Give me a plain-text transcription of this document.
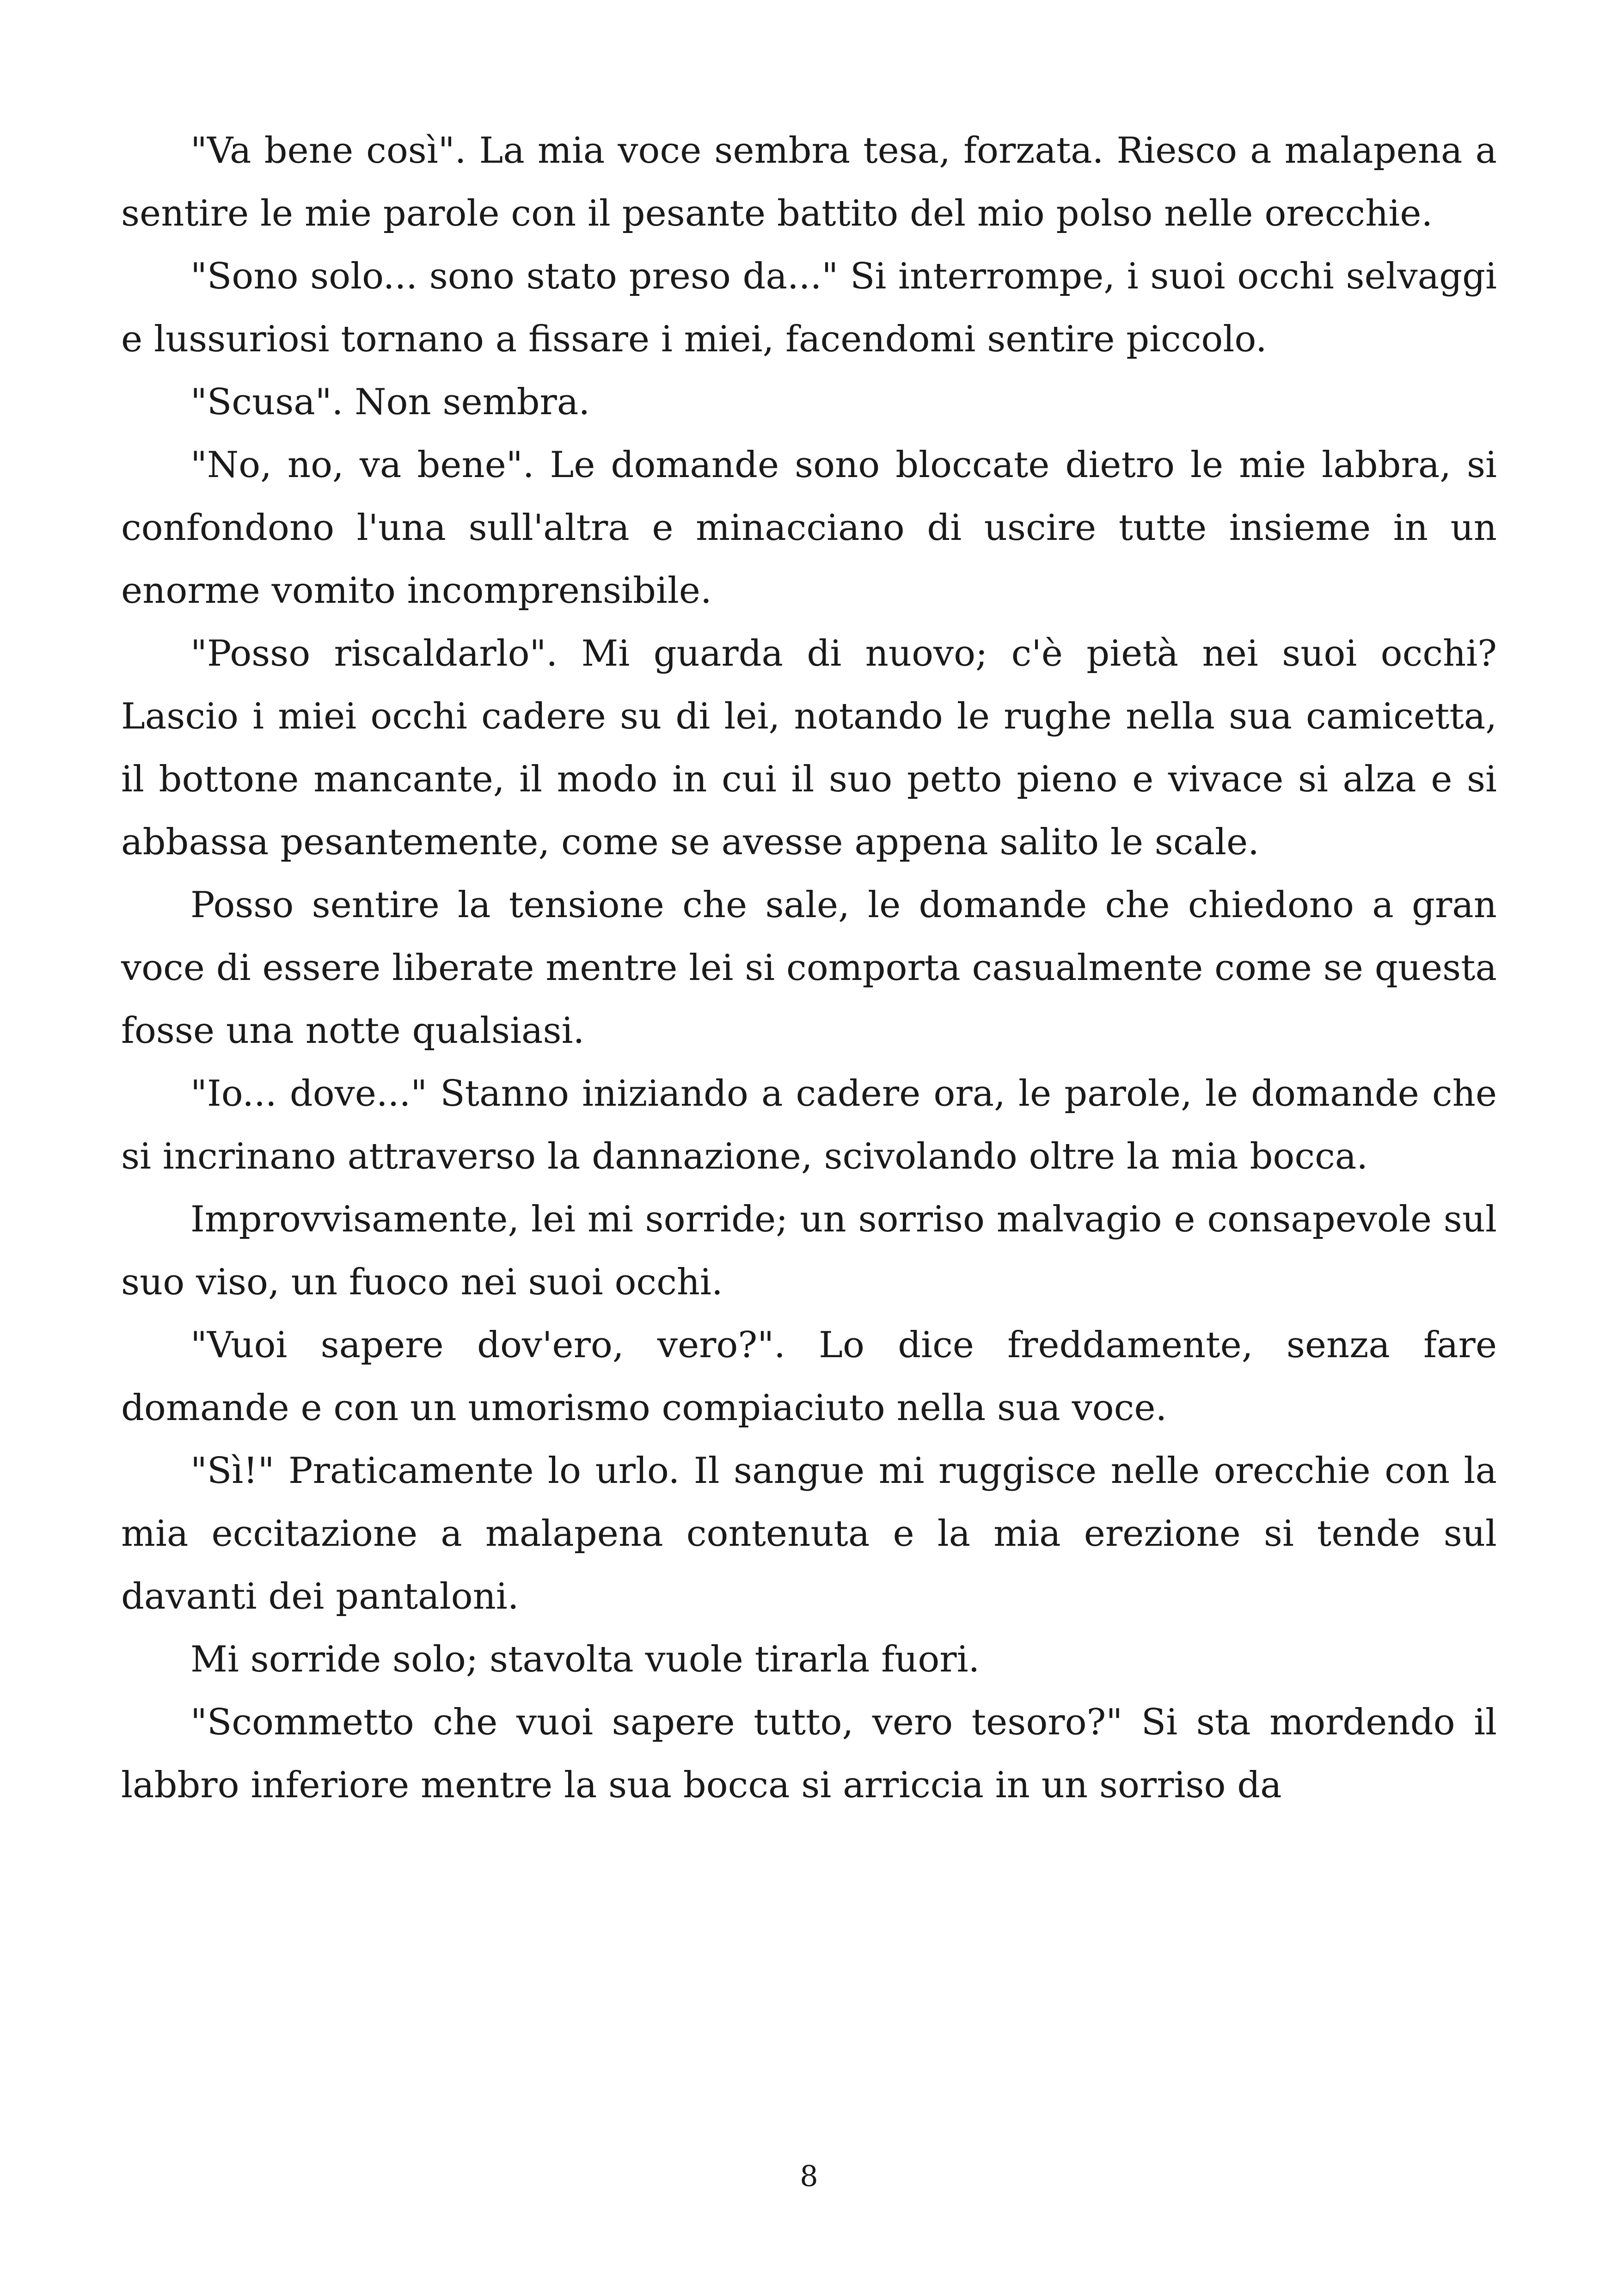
"Va bene così". La mia voce sembra tesa, forzata. Riesco a malapena a sentire le mie parole con il pesante battito del mio polso nelle orecchie.

"Sono solo... sono stato preso da..." Si interrompe, i suoi occhi selvaggi e lussuriosi tornano a fissare i miei, facendomi sentire piccolo.

"Scusa". Non sembra.

"No, no, va bene". Le domande sono bloccate dietro le mie labbra, si confondono l'una sull'altra e minacciano di uscire tutte insieme in un enorme vomito incomprensibile.

"Posso riscaldarlo". Mi guarda di nuovo; c'è pietà nei suoi occhi? Lascio i miei occhi cadere su di lei, notando le rughe nella sua camicetta, il bottone mancante, il modo in cui il suo petto pieno e vivace si alza e si abbassa pesantemente, come se avesse appena salito le scale.

Posso sentire la tensione che sale, le domande che chiedono a gran voce di essere liberate mentre lei si comporta casualmente come se questa fosse una notte qualsiasi.

"Io... dove..." Stanno iniziando a cadere ora, le parole, le domande che si incrinano attraverso la dannazione, scivolando oltre la mia bocca.

Improvvisamente, lei mi sorride; un sorriso malvagio e consapevole sul suo viso, un fuoco nei suoi occhi.

"Vuoi sapere dov'ero, vero?". Lo dice freddamente, senza fare domande e con un umorismo compiaciuto nella sua voce.

"Sì!" Praticamente lo urlo. Il sangue mi ruggisce nelle orecchie con la mia eccitazione a malapena contenuta e la mia erezione si tende sul davanti dei pantaloni.

Mi sorride solo; stavolta vuole tirarla fuori.

"Scommetto che vuoi sapere tutto, vero tesoro?" Si sta mordendo il labbro inferiore mentre la sua bocca si arriccia in un sorriso da

8
